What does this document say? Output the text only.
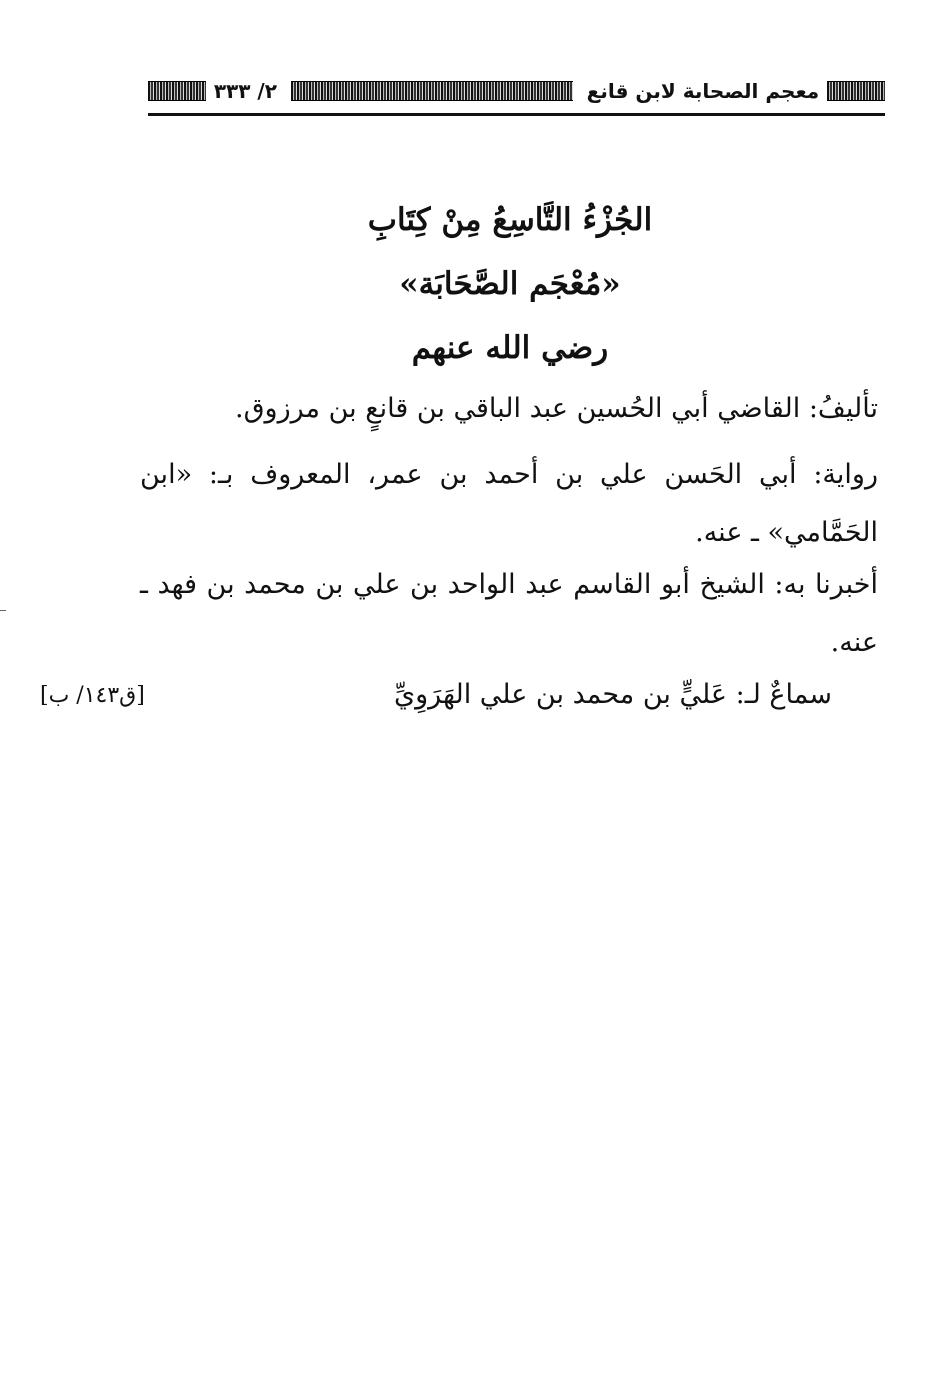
معجم الصحابة لابن قانع
٢/ ٣٣٣
الجُزْءُ التَّاسِعُ مِنْ كِتَابِ
«مُعْجَم الصَّحَابَة»
رضي الله عنهم
تأليفُ: القاضي أبي الحُسين عبد الباقي بن قانعٍ بن مرزوق.
رواية: أبي الحَسن علي بن أحمد بن عمر، المعروف بـ: «ابن الحَمَّامي» ـ عنه.
أخبرنا به: الشيخ أبو القاسم عبد الواحد بن علي بن محمد بن فهد ـ عنه.
سماعٌ لـ: عَليٍّ بن محمد بن علي الهَرَوِيِّ
[ق١٤٣/ ب]
